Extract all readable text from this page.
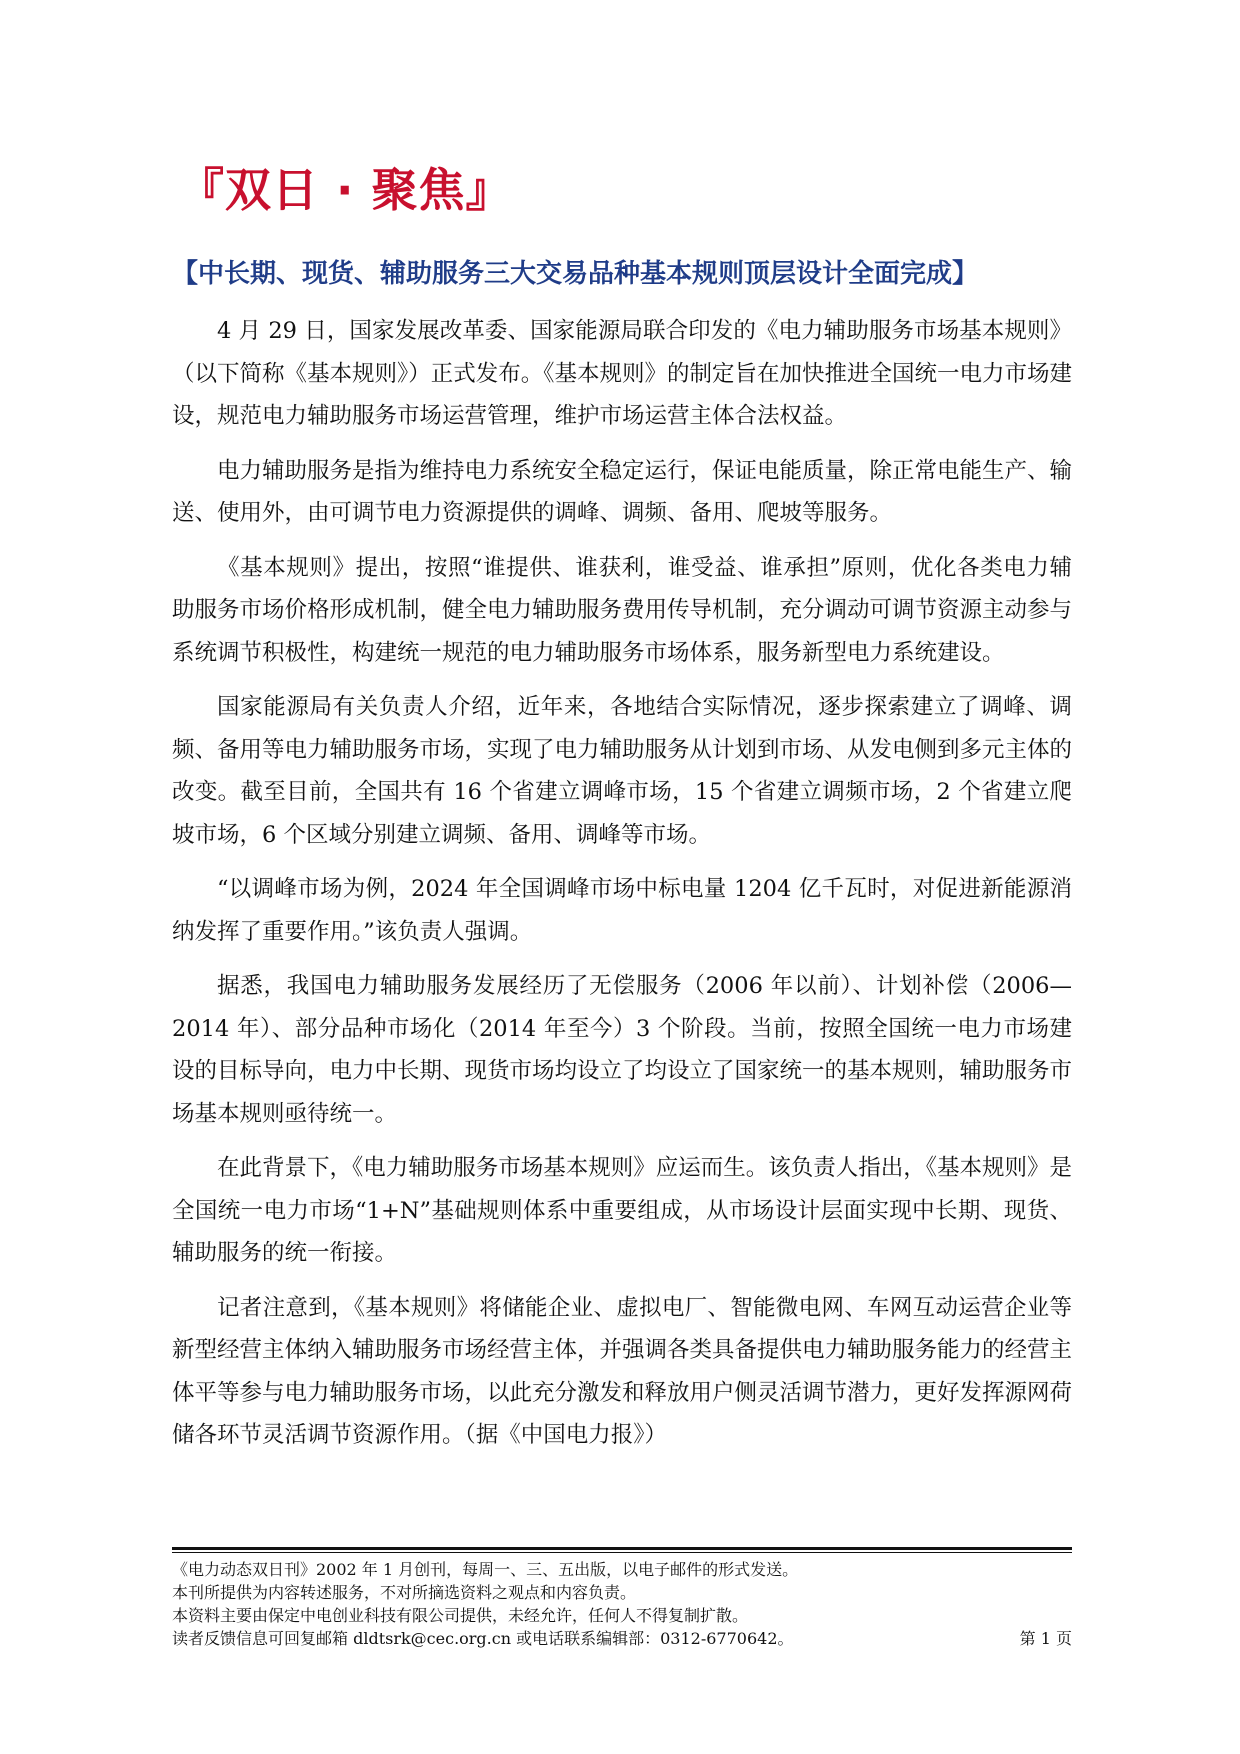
『双日 · 聚焦』
【中长期、现货、辅助服务三大交易品种基本规则顶层设计全面完成】

4 月 29 日，国家发展改革委、国家能源局联合印发的《电力辅助服务市场基本规则》（以下简称《基本规则》）正式发布。《基本规则》的制定旨在加快推进全国统一电力市场建设，规范电力辅助服务市场运营管理，维护市场运营主体合法权益。

电力辅助服务是指为维持电力系统安全稳定运行，保证电能质量，除正常电能生产、输送、使用外，由可调节电力资源提供的调峰、调频、备用、爬坡等服务。

《基本规则》提出，按照“谁提供、谁获利，谁受益、谁承担”原则，优化各类电力辅助服务市场价格形成机制，健全电力辅助服务费用传导机制，充分调动可调节资源主动参与系统调节积极性，构建统一规范的电力辅助服务市场体系，服务新型电力系统建设。

国家能源局有关负责人介绍，近年来，各地结合实际情况，逐步探索建立了调峰、调频、备用等电力辅助服务市场，实现了电力辅助服务从计划到市场、从发电侧到多元主体的改变。截至目前，全国共有 16 个省建立调峰市场，15 个省建立调频市场，2 个省建立爬坡市场，6 个区域分别建立调频、备用、调峰等市场。

“以调峰市场为例，2024 年全国调峰市场中标电量 1204 亿千瓦时，对促进新能源消纳发挥了重要作用。”该负责人强调。

据悉，我国电力辅助服务发展经历了无偿服务（2006 年以前）、计划补偿（2006—2014 年）、部分品种市场化（2014 年至今）3 个阶段。当前，按照全国统一电力市场建设的目标导向，电力中长期、现货市场均设立了均设立了国家统一的基本规则，辅助服务市场基本规则亟待统一。

在此背景下，《电力辅助服务市场基本规则》应运而生。该负责人指出，《基本规则》是全国统一电力市场“1+N”基础规则体系中重要组成，从市场设计层面实现中长期、现货、辅助服务的统一衔接。

记者注意到，《基本规则》将储能企业、虚拟电厂、智能微电网、车网互动运营企业等新型经营主体纳入辅助服务市场经营主体，并强调各类具备提供电力辅助服务能力的经营主体平等参与电力辅助服务市场，以此充分激发和释放用户侧灵活调节潜力，更好发挥源网荷储各环节灵活调节资源作用。（据《中国电力报》）

《电力动态双日刊》2002 年 1 月创刊，每周一、三、五出版，以电子邮件的形式发送。
本刊所提供为内容转述服务，不对所摘选资料之观点和内容负责。
本资料主要由保定中电创业科技有限公司提供，未经允许，任何人不得复制扩散。
读者反馈信息可回复邮箱 dldtsrk@cec.org.cn 或电话联系编辑部：0312-6770642。	第 1 页
